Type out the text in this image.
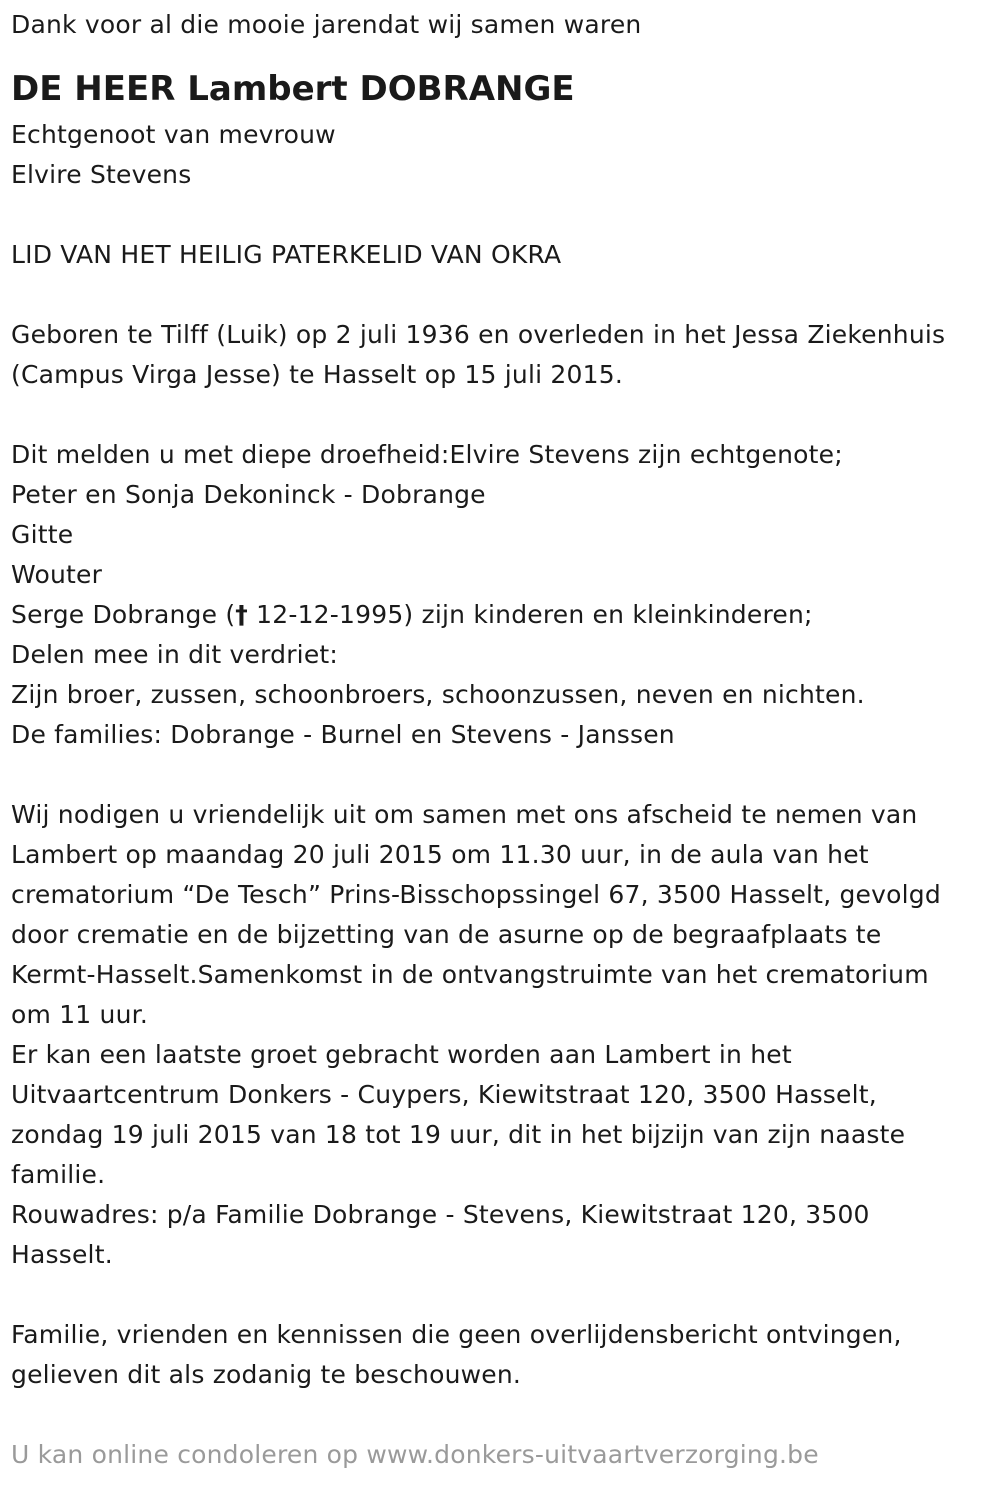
Dank voor al die mooie jarendat wij samen waren
DE HEER Lambert DOBRANGE
Echtgenoot van mevrouw
Elvire Stevens
LID VAN HET HEILIG PATERKELID VAN OKRA
Geboren te Tilff (Luik) op 2 juli 1936 en overleden in het Jessa Ziekenhuis
(Campus Virga Jesse) te Hasselt op 15 juli 2015.
Dit melden u met diepe droefheid:Elvire Stevens zijn echtgenote;
Peter en Sonja Dekoninck - Dobrange
Gitte
Wouter
Serge Dobrange († 12-12-1995) zijn kinderen en kleinkinderen;
Delen mee in dit verdriet:
Zijn broer, zussen, schoonbroers, schoonzussen, neven en nichten.
De families: Dobrange - Burnel en Stevens - Janssen
Wij nodigen u vriendelijk uit om samen met ons afscheid te nemen van
Lambert op maandag 20 juli 2015 om 11.30 uur, in de aula van het
crematorium “De Tesch” Prins-Bisschopssingel 67, 3500 Hasselt, gevolgd
door crematie en de bijzetting van de asurne op de begraafplaats te
Kermt-Hasselt.Samenkomst in de ontvangstruimte van het crematorium
om 11 uur.
Er kan een laatste groet gebracht worden aan Lambert in het
Uitvaartcentrum Donkers - Cuypers, Kiewitstraat 120, 3500 Hasselt,
zondag 19 juli 2015 van 18 tot 19 uur, dit in het bijzijn van zijn naaste
familie.
Rouwadres: p/a Familie Dobrange - Stevens, Kiewitstraat 120, 3500
Hasselt.
Familie, vrienden en kennissen die geen overlijdensbericht ontvingen,
gelieven dit als zodanig te beschouwen.
U kan online condoleren op www.donkers-uitvaartverzorging.be
